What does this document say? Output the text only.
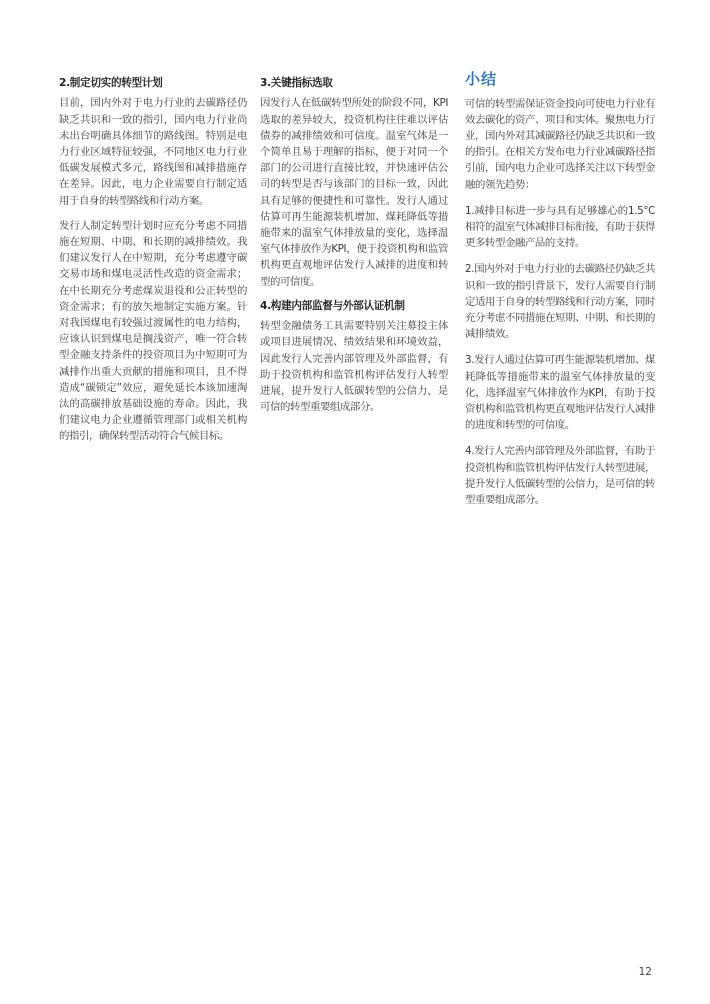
2.制定切实的转型计划

目前，国内外对于电力行业的去碳路径仍缺乏共识和一致的指引，国内电力行业尚未出台明确具体细节的路线图。特别是电力行业区域特征较强，不同地区电力行业低碳发展模式多元，路线图和减排措施存在差异。因此，电力企业需要自行制定适用于自身的转型路线和行动方案。

发行人制定转型计划时应充分考虑不同措施在短期、中期、和长期的减排绩效。我们建议发行人在中短期，充分考虑遵守碳交易市场和煤电灵活性改造的资金需求；在中长期充分考虑煤炭退役和公正转型的资金需求；有的放矢地制定实施方案。针对我国煤电有较强过渡属性的电力结构，应该认识到煤电是搁浅资产，唯一符合转型金融支持条件的投资项目为中短期可为减排作出重大贡献的措施和项目，且不得造成“碳锁定”效应，避免延长本该加速淘汰的高碳排放基础设施的寿命。因此，我们建议电力企业遵循管理部门或相关机构的指引，确保转型活动符合气候目标。

3.关键指标选取

因发行人在低碳转型所处的阶段不同，KPI选取的差异较大，投资机构往往难以评估债券的减排绩效和可信度。温室气体是一个简单且易于理解的指标，便于对同一个部门的公司进行直接比较，并快速评估公司的转型是否与该部门的目标一致，因此具有足够的便捷性和可靠性。发行人通过估算可再生能源装机增加、煤耗降低等措施带来的温室气体排放量的变化，选择温室气体排放作为KPI，便于投资机构和监管机构更直观地评估发行人减排的进度和转型的可信度。

4.构建内部监督与外部认证机制

转型金融债务工具需要特别关注募投主体或项目进展情况、绩效结果和环境效益，因此发行人完善内部管理及外部监督，有助于投资机构和监管机构评估发行人转型进展，提升发行人低碳转型的公信力，是可信的转型重要组成部分。

小结

可信的转型需保证资金投向可使电力行业有效去碳化的资产、项目和实体。聚焦电力行业，国内外对其减碳路径仍缺乏共识和一致的指引。在相关方发布电力行业减碳路径指引前，国内电力企业可选择关注以下转型金融的领先趋势：

1.减排目标进一步与具有足够雄心的1.5°C相符的温室气体减排目标衔接，有助于获得更多转型金融产品的支持。

2.国内外对于电力行业的去碳路径仍缺乏共识和一致的指引背景下，发行人需要自行制定适用于自身的转型路线和行动方案，同时充分考虑不同措施在短期、中期、和长期的减排绩效。

3.发行人通过估算可再生能源装机增加、煤耗降低等措施带来的温室气体排放量的变化，选择温室气体排放作为KPI，有助于投资机构和监管机构更直观地评估发行人减排的进度和转型的可信度。

4.发行人完善内部管理及外部监督，有助于投资机构和监管机构评估发行人转型进展，提升发行人低碳转型的公信力，是可信的转型重要组成部分。

12
